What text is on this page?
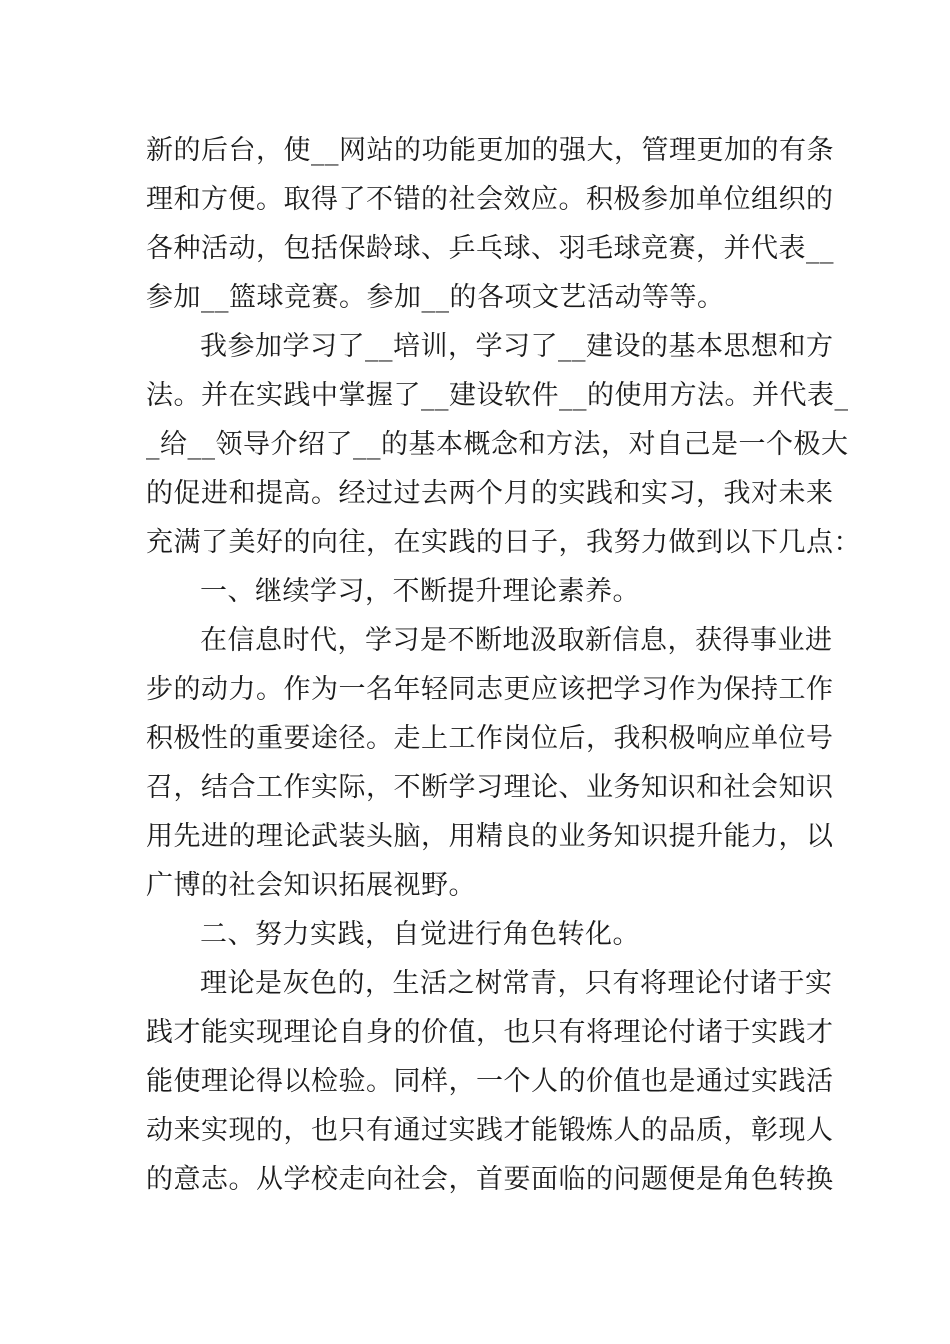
新的后台，使__网站的功能更加的强大，管理更加的有条
理和方便。取得了不错的社会效应。积极参加单位组织的
各种活动，包括保龄球、乒乓球、羽毛球竞赛，并代表__
参加__篮球竞赛。参加__的各项文艺活动等等。
我参加学习了__培训，学习了__建设的基本思想和方
法。并在实践中掌握了__建设软件__的使用方法。并代表_
_给__领导介绍了__的基本概念和方法，对自己是一个极大
的促进和提高。经过过去两个月的实践和实习，我对未来
充满了美好的向往，在实践的日子，我努力做到以下几点：
一、继续学习，不断提升理论素养。
在信息时代，学习是不断地汲取新信息，获得事业进
步的动力。作为一名年轻同志更应该把学习作为保持工作
积极性的重要途径。走上工作岗位后，我积极响应单位号
召，结合工作实际，不断学习理论、业务知识和社会知识
用先进的理论武装头脑，用精良的业务知识提升能力，以
广博的社会知识拓展视野。
二、努力实践，自觉进行角色转化。
理论是灰色的，生活之树常青，只有将理论付诸于实
践才能实现理论自身的价值，也只有将理论付诸于实践才
能使理论得以检验。同样，一个人的价值也是通过实践活
动来实现的，也只有通过实践才能锻炼人的品质，彰现人
的意志。从学校走向社会，首要面临的问题便是角色转换
